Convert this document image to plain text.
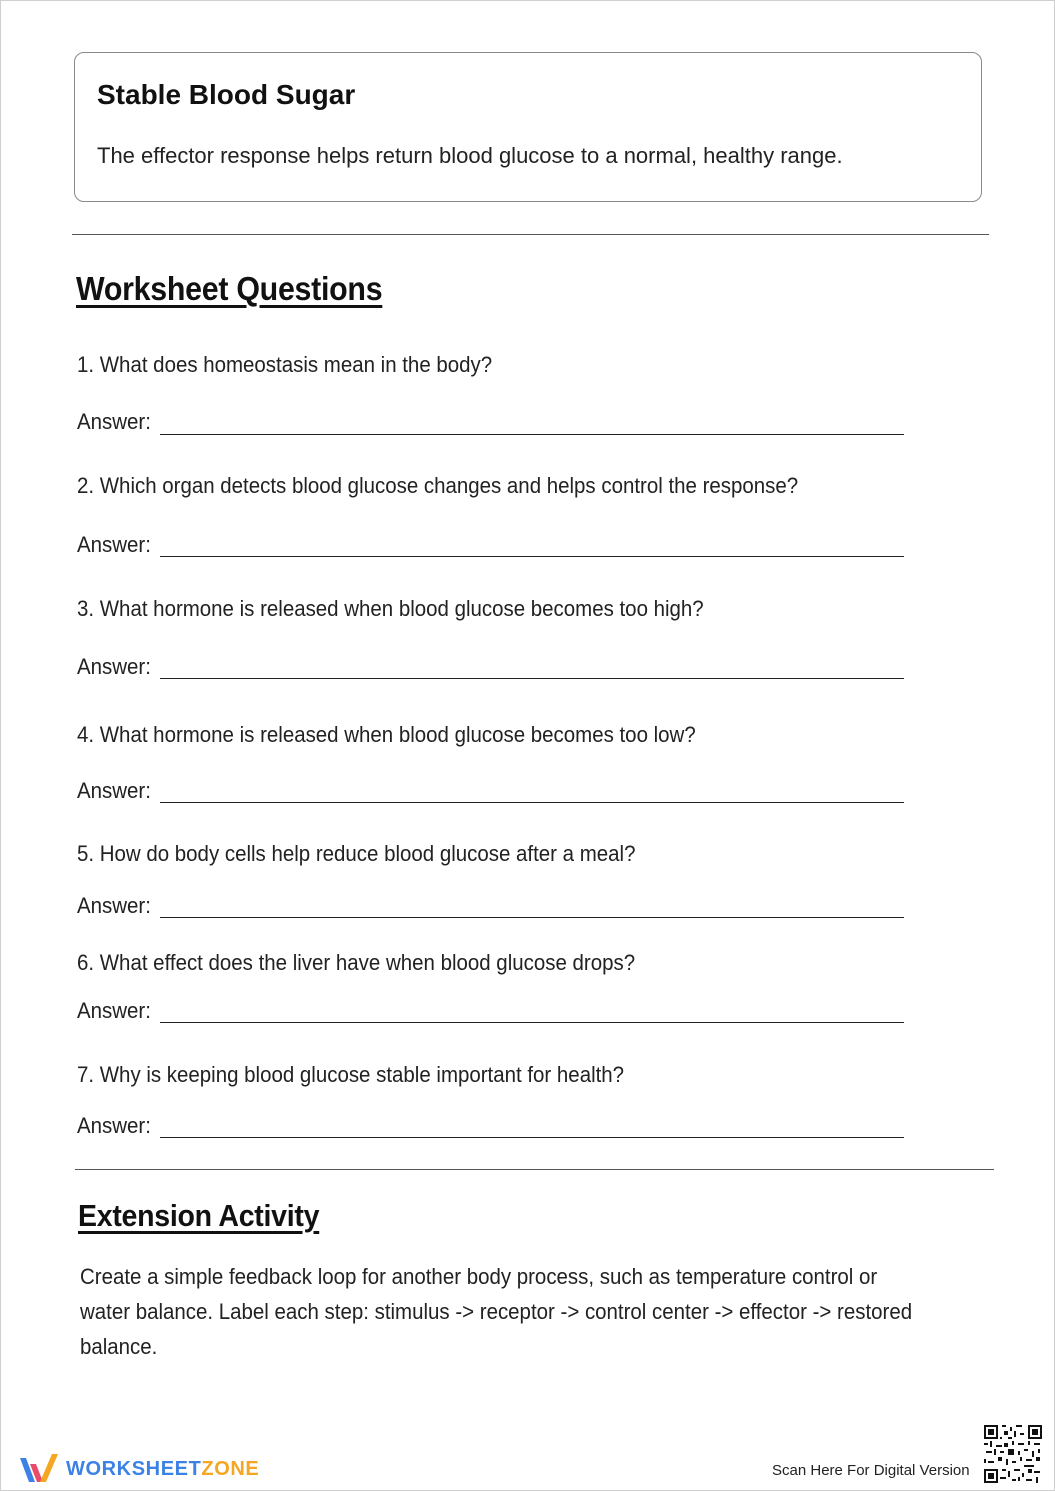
Stable Blood Sugar
The effector response helps return blood glucose to a normal, healthy range.
Worksheet Questions
1. What does homeostasis mean in the body?
Answer:
2. Which organ detects blood glucose changes and helps control the response?
Answer:
3. What hormone is released when blood glucose becomes too high?
Answer:
4. What hormone is released when blood glucose becomes too low?
Answer:
5. How do body cells help reduce blood glucose after a meal?
Answer:
6. What effect does the liver have when blood glucose drops?
Answer:
7. Why is keeping blood glucose stable important for health?
Answer:
Extension Activity
Create a simple feedback loop for another body process, such as temperature control or water balance. Label each step: stimulus -> receptor -> control center -> effector -> restored balance.
WORKSHEETZONE	Scan Here For Digital Version
